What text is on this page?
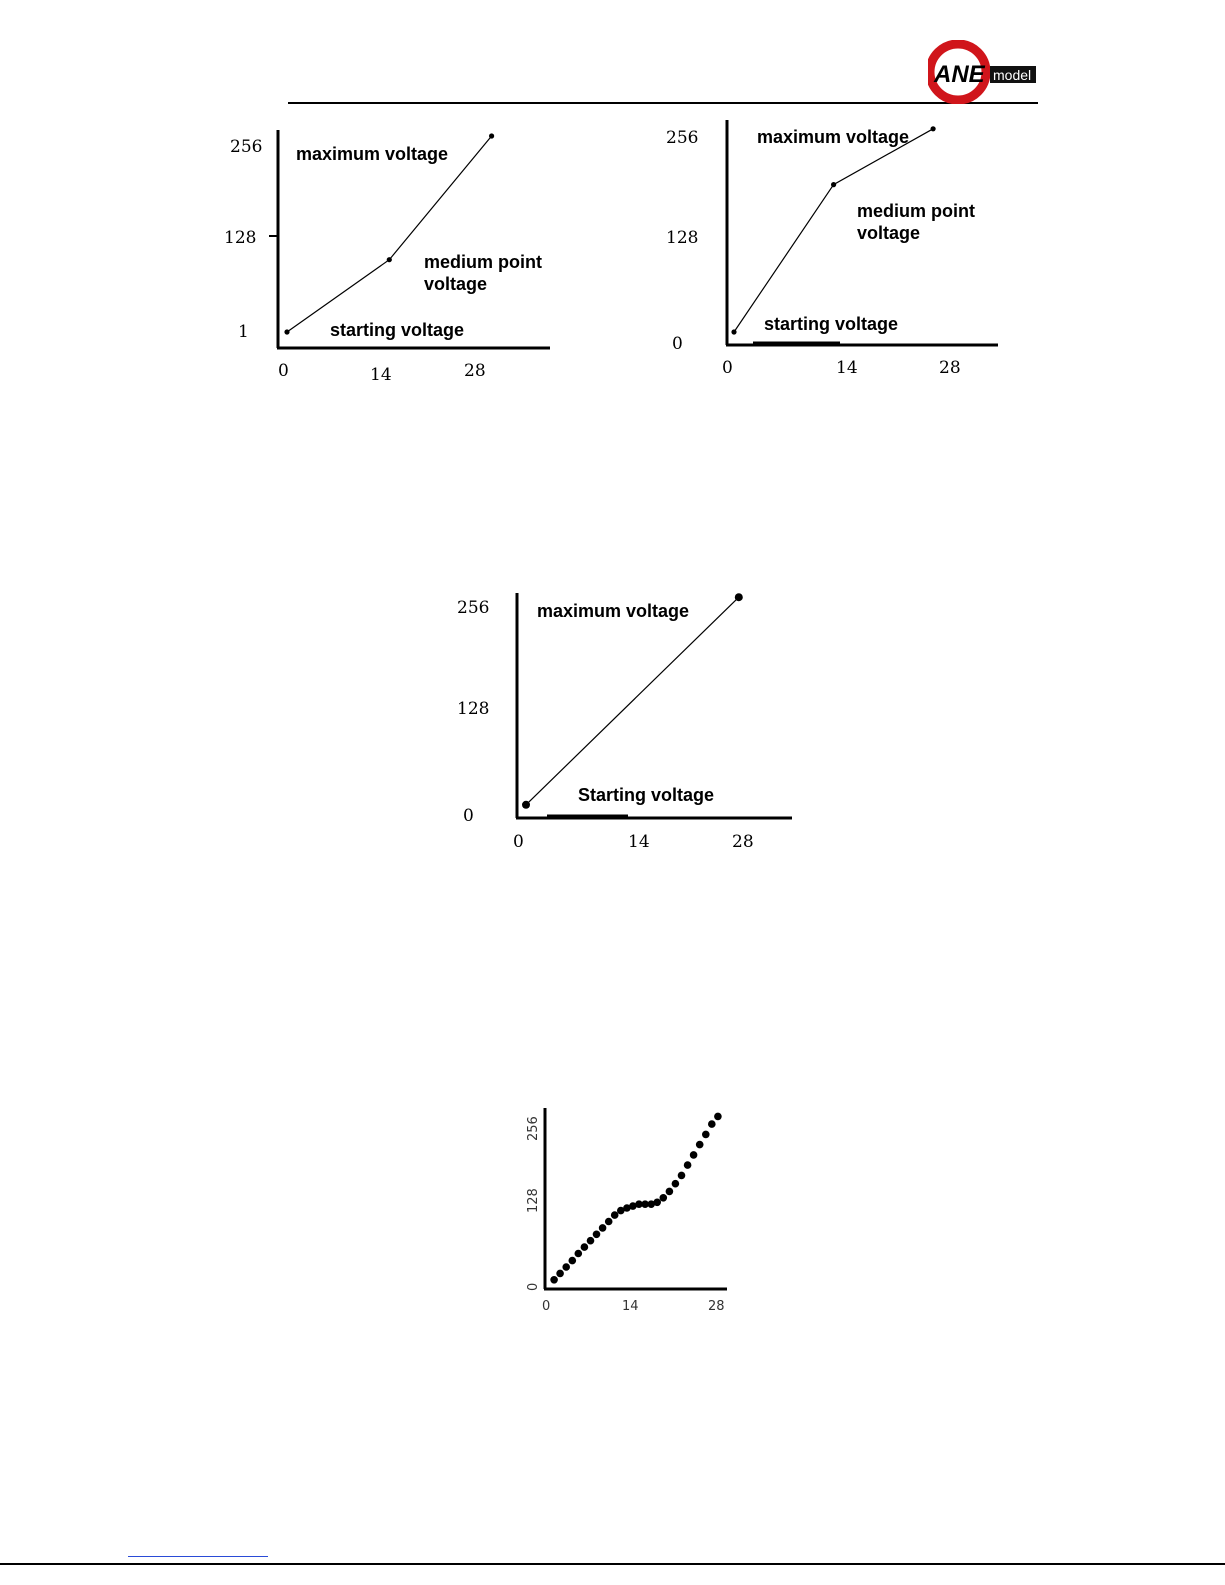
ANE model
256
128
1
0	14	28
maximum voltage
medium point voltage
starting voltage
256
128
0
0	14	28
maximum voltage
medium point voltage
starting voltage
256
128
0
0	14	28
maximum voltage
Starting voltage
256
128
0
0	14	28
